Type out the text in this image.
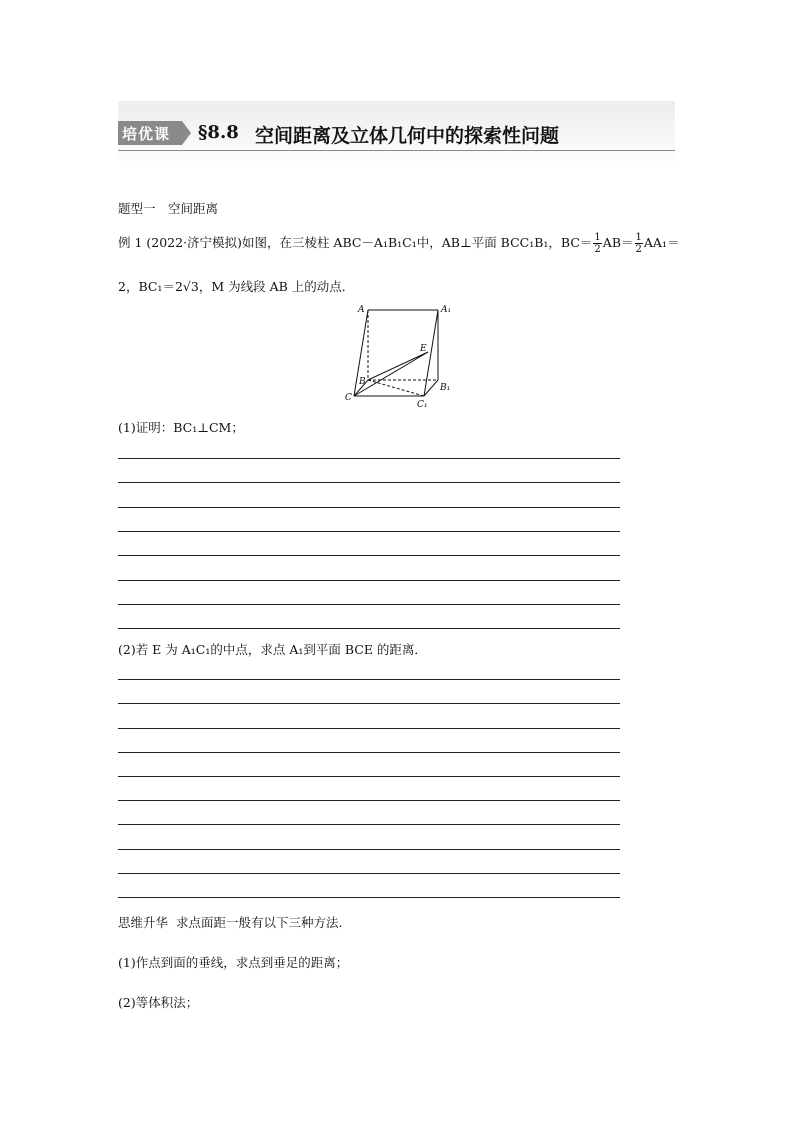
培优课 §8.8 空间距离及立体几何中的探索性问题
题型一　空间距离
例 1 (2022·济宁模拟)如图，在三棱柱 ABC－A₁B₁C₁中，AB⊥平面 BCC₁B₁，$BC= \frac{1}{2} AB= \frac{1}{2} AA_1=$
2，BC₁＝2√3，M 为线段 AB 上的动点．
A	A₁
E
B
B₁
C
C₁
(1)证明：BC₁⊥CM；
(2)若 E 为 A₁C₁的中点，求点 A₁到平面 BCE 的距离．
思维升华 求点面距一般有以下三种方法.
(1)作点到面的垂线，求点到垂足的距离；
(2)等体积法；
